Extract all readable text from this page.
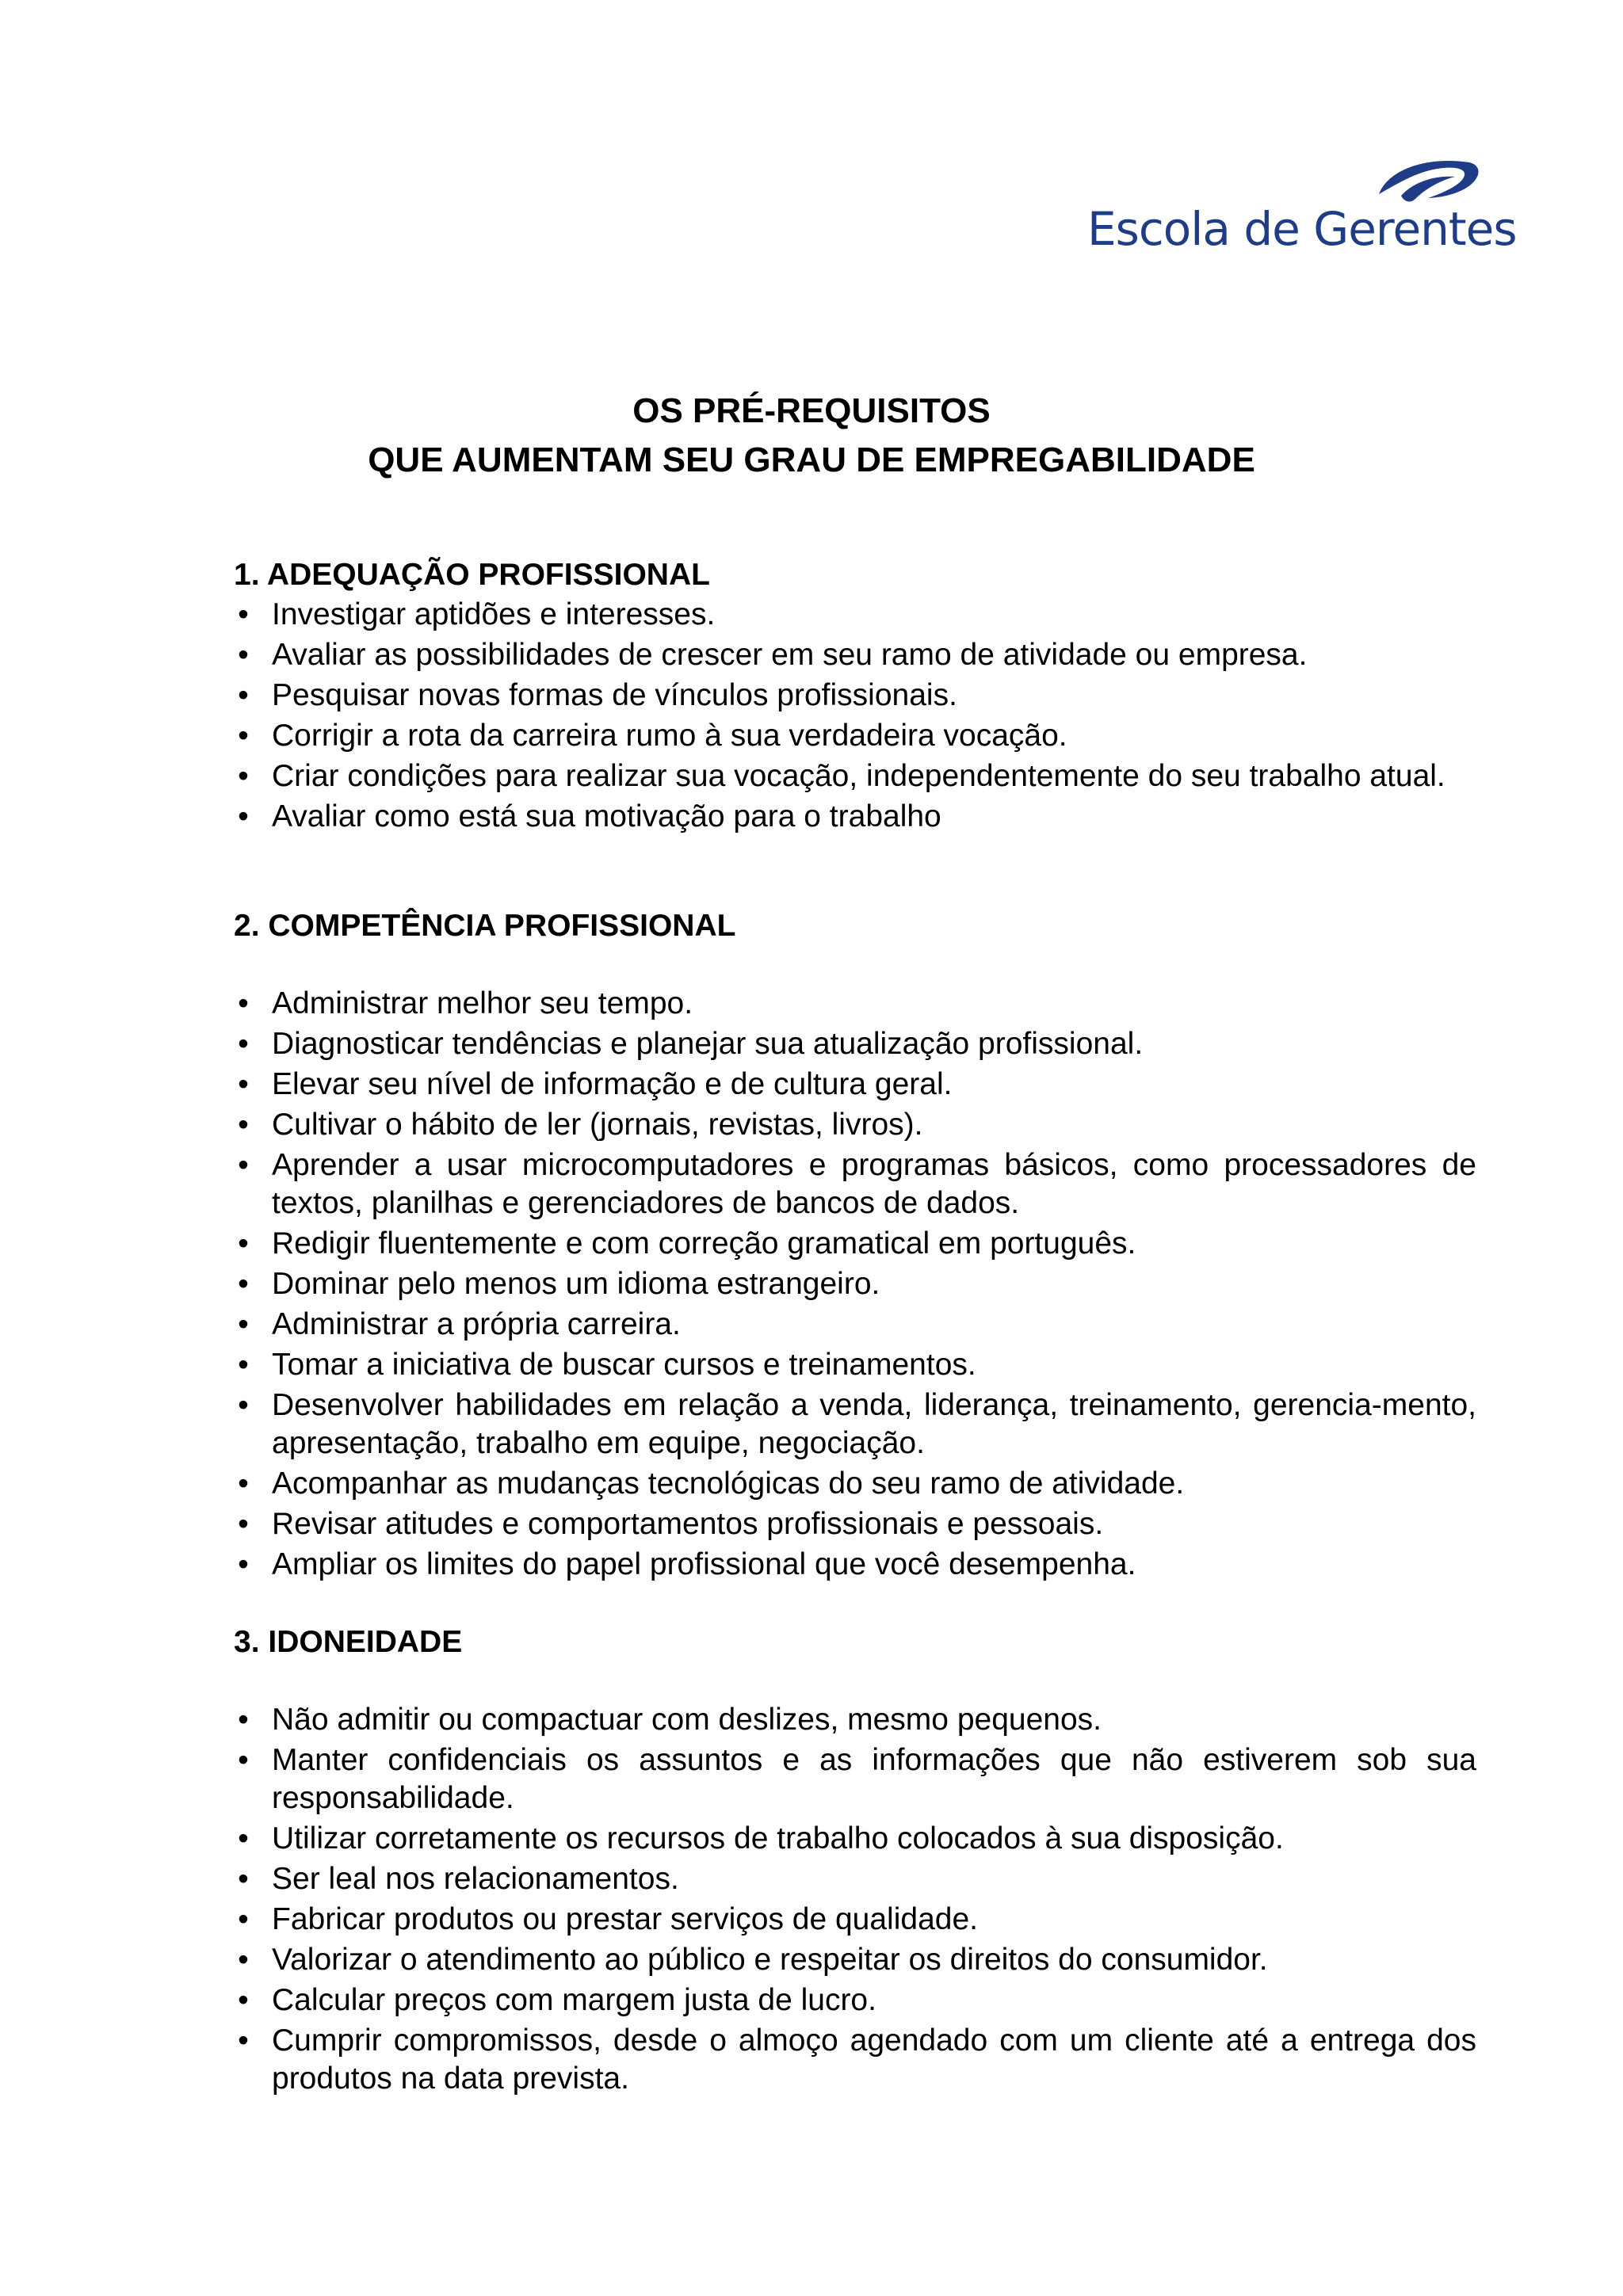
Escola de Gerentes
OS PRÉ-REQUISITOS
QUE AUMENTAM SEU GRAU DE EMPREGABILIDADE
1. ADEQUAÇÃO PROFISSIONAL
• Investigar aptidões e interesses.
• Avaliar as possibilidades de crescer em seu ramo de atividade ou empresa.
• Pesquisar novas formas de vínculos profissionais.
• Corrigir a rota da carreira rumo à sua verdadeira vocação.
• Criar condições para realizar sua vocação, independentemente do seu trabalho atual.
• Avaliar como está sua motivação para o trabalho
2. COMPETÊNCIA PROFISSIONAL
• Administrar melhor seu tempo.
• Diagnosticar tendências e planejar sua atualização profissional.
• Elevar seu nível de informação e de cultura geral.
• Cultivar o hábito de ler (jornais, revistas, livros).
• Aprender a usar microcomputadores e programas básicos, como processadores de textos, planilhas e gerenciadores de bancos de dados.
• Redigir fluentemente e com correção gramatical em português.
• Dominar pelo menos um idioma estrangeiro.
• Administrar a própria carreira.
• Tomar a iniciativa de buscar cursos e treinamentos.
• Desenvolver habilidades em relação a venda, liderança, treinamento, gerencia-mento, apresentação, trabalho em equipe, negociação.
• Acompanhar as mudanças tecnológicas do seu ramo de atividade.
• Revisar atitudes e comportamentos profissionais e pessoais.
• Ampliar os limites do papel profissional que você desempenha.
3. IDONEIDADE
• Não admitir ou compactuar com deslizes, mesmo pequenos.
• Manter confidenciais os assuntos e as informações que não estiverem sob sua responsabilidade.
• Utilizar corretamente os recursos de trabalho colocados à sua disposição.
• Ser leal nos relacionamentos.
• Fabricar produtos ou prestar serviços de qualidade.
• Valorizar o atendimento ao público e respeitar os direitos do consumidor.
• Calcular preços com margem justa de lucro.
• Cumprir compromissos, desde o almoço agendado com um cliente até a entrega dos produtos na data prevista.
